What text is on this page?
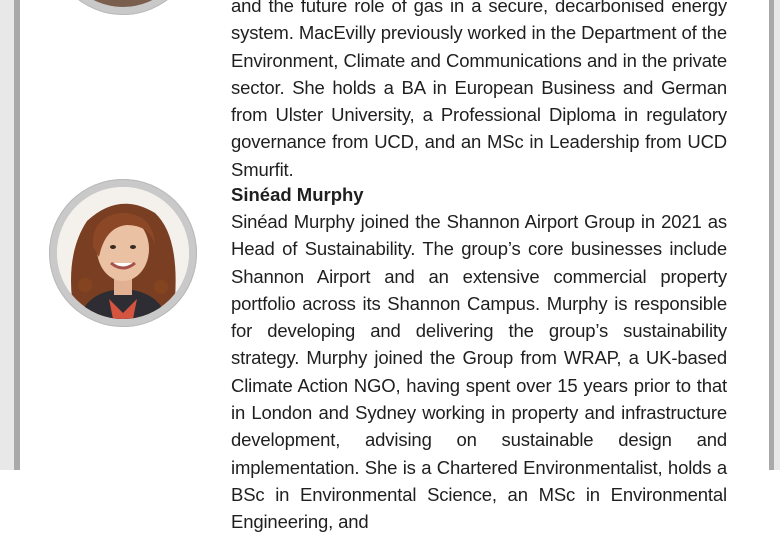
and the future role of gas in a secure, decarbonised energy system. MacEvilly previously worked in the Department of the Environment, Climate and Communications and in the private sector. She holds a BA in European Business and German from Ulster University, a Professional Diploma in regulatory governance from UCD, and an MSc in Leadership from UCD Smurfit.

Sinéad Murphy

Sinéad Murphy joined the Shannon Airport Group in 2021 as Head of Sustainability. The group’s core businesses include Shannon Airport and an extensive commercial property portfolio across its Shannon Campus. Murphy is responsible for developing and delivering the group’s sustainability strategy. Murphy joined the Group from WRAP, a UK-based Climate Action NGO, having spent over 15 years prior to that in London and Sydney working in property and infrastructure development, advising on sustainable design and implementation. She is a Chartered Environmentalist, holds a BSc in Environmental Science, an MSc in Environmental Engineering, and
